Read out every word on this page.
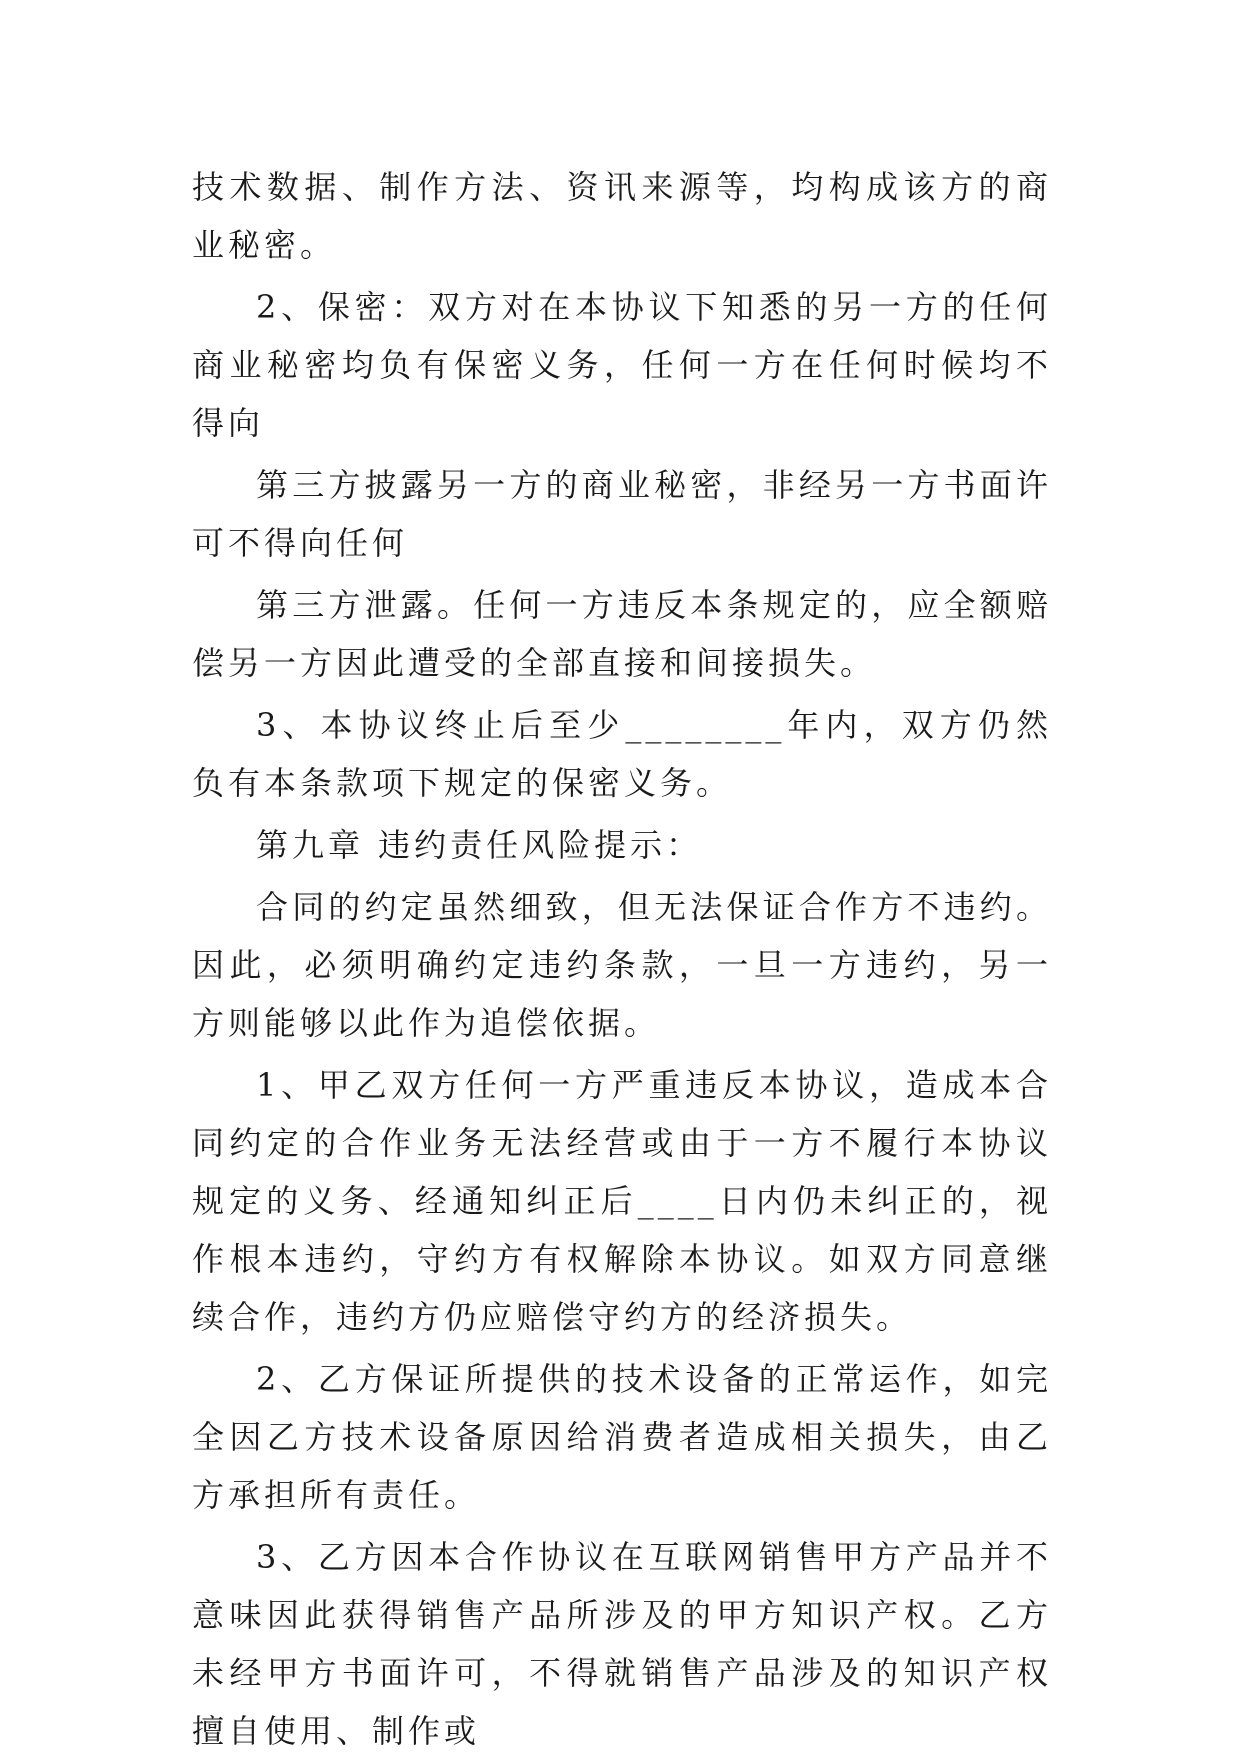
技术数据、制作方法、资讯来源等，均构成该方的商业秘密。

2、保密：双方对在本协议下知悉的另一方的任何商业秘密均负有保密义务，任何一方在任何时候均不得向

第三方披露另一方的商业秘密，非经另一方书面许可不得向任何

第三方泄露。任何一方违反本条规定的，应全额赔偿另一方因此遭受的全部直接和间接损失。

3、本协议终止后至少________年内，双方仍然负有本条款项下规定的保密义务。

第九章 违约责任风险提示：

合同的约定虽然细致，但无法保证合作方不违约。因此，必须明确约定违约条款，一旦一方违约，另一方则能够以此作为追偿依据。

1、甲乙双方任何一方严重违反本协议，造成本合同约定的合作业务无法经营或由于一方不履行本协议规定的义务、经通知纠正后____日内仍未纠正的，视作根本违约，守约方有权解除本协议。如双方同意继续合作，违约方仍应赔偿守约方的经济损失。

2、乙方保证所提供的技术设备的正常运作，如完全因乙方技术设备原因给消费者造成相关损失，由乙方承担所有责任。

3、乙方因本合作协议在互联网销售甲方产品并不意味因此获得销售产品所涉及的甲方知识产权。乙方未经甲方书面许可，不得就销售产品涉及的知识产权擅自使用、制作或
